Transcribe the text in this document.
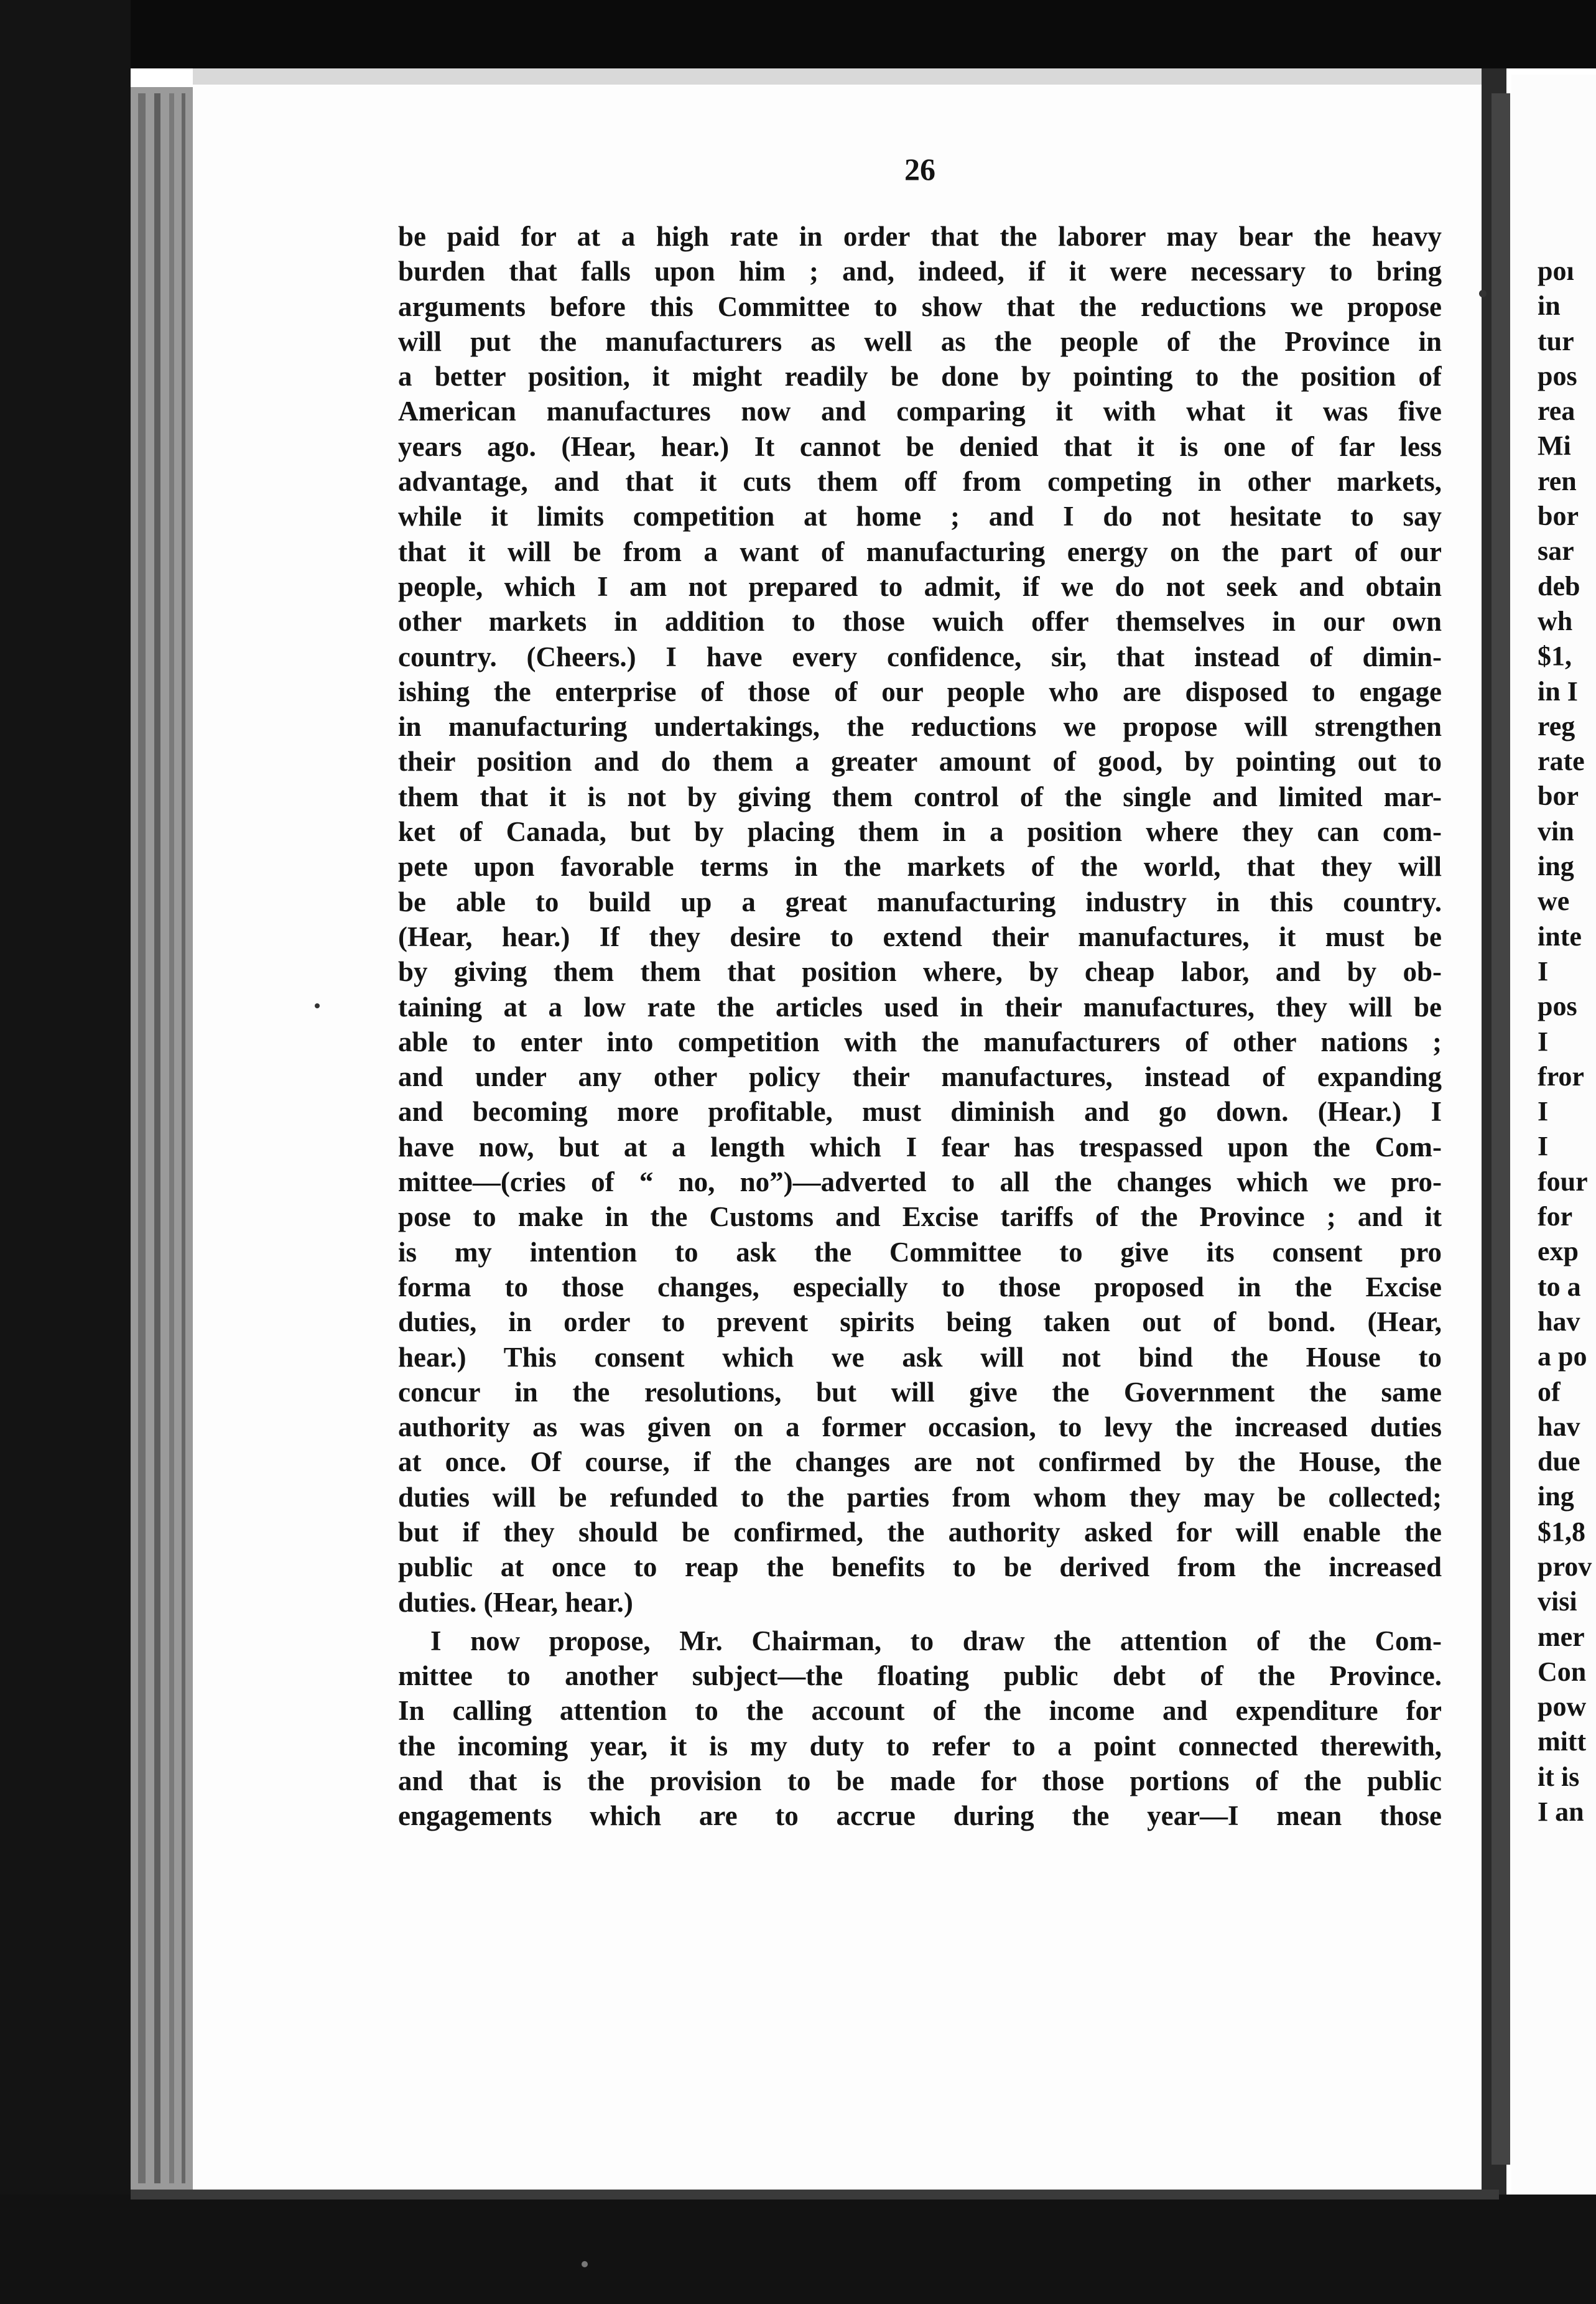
26
be paid for at a high rate in order that the laborer may bear the heavy
burden that falls upon him ; and, indeed, if it were necessary to bring
arguments before this Committee to show that the reductions we propose
will put the manufacturers as well as the people of the Province in
a better position, it might readily be done by pointing to the position of
American manufactures now and comparing it with what it was five
years ago. (Hear, hear.) It cannot be denied that it is one of far less
advantage, and that it cuts them off from competing in other markets,
while it limits competition at home ; and I do not hesitate to say
that it will be from a want of manufacturing energy on the part of our
people, which I am not prepared to admit, if we do not seek and obtain
other markets in addition to those wuich offer themselves in our own
country. (Cheers.) I have every confidence, sir, that instead of dimin-
ishing the enterprise of those of our people who are disposed to engage
in manufacturing undertakings, the reductions we propose will strengthen
their position and do them a greater amount of good, by pointing out to
them that it is not by giving them control of the single and limited mar-
ket of Canada, but by placing them in a position where they can com-
pete upon favorable terms in the markets of the world, that they will
be able to build up a great manufacturing industry in this country.
(Hear, hear.) If they desire to extend their manufactures, it must be
by giving them them that position where, by cheap labor, and by ob-
taining at a low rate the articles used in their manufactures, they will be
able to enter into competition with the manufacturers of other nations ;
and under any other policy their manufactures, instead of expanding
and becoming more profitable, must diminish and go down. (Hear.) I
have now, but at a length which I fear has trespassed upon the Com-
mittee—(cries of “ no, no”)—adverted to all the changes which we pro-
pose to make in the Customs and Excise tariffs of the Province ; and it
is my intention to ask the Committee to give its consent pro
forma to those changes, especially to those proposed in the Excise
duties, in order to prevent spirits being taken out of bond. (Hear,
hear.) This consent which we ask will not bind the House to
concur in the resolutions, but will give the Government the same
authority as was given on a former occasion, to levy the increased duties
at once. Of course, if the changes are not confirmed by the House, the
duties will be refunded to the parties from whom they may be collected;
but if they should be confirmed, the authority asked for will enable the
public at once to reap the benefits to be derived from the increased
duties. (Hear, hear.)
I now propose, Mr. Chairman, to draw the attention of the Com-
mittee to another subject—the floating public debt of the Province.
In calling attention to the account of the income and expenditure for
the incoming year, it is my duty to refer to a point connected therewith,
and that is the provision to be made for those portions of the public
engagements which are to accrue during the year—I mean those
poı
in
tur
pos
rea
Mi
ren
bor
sar
deb
wh
$1,
in I
reg
rate
bor
vin
ing
we
inte
I
pos
I
fror
I
I
four
for
exp
to a
hav
a po
of
hav
due
ing
$1,8
prov
visi
mer
Con
pow
mitt
it is
I an
